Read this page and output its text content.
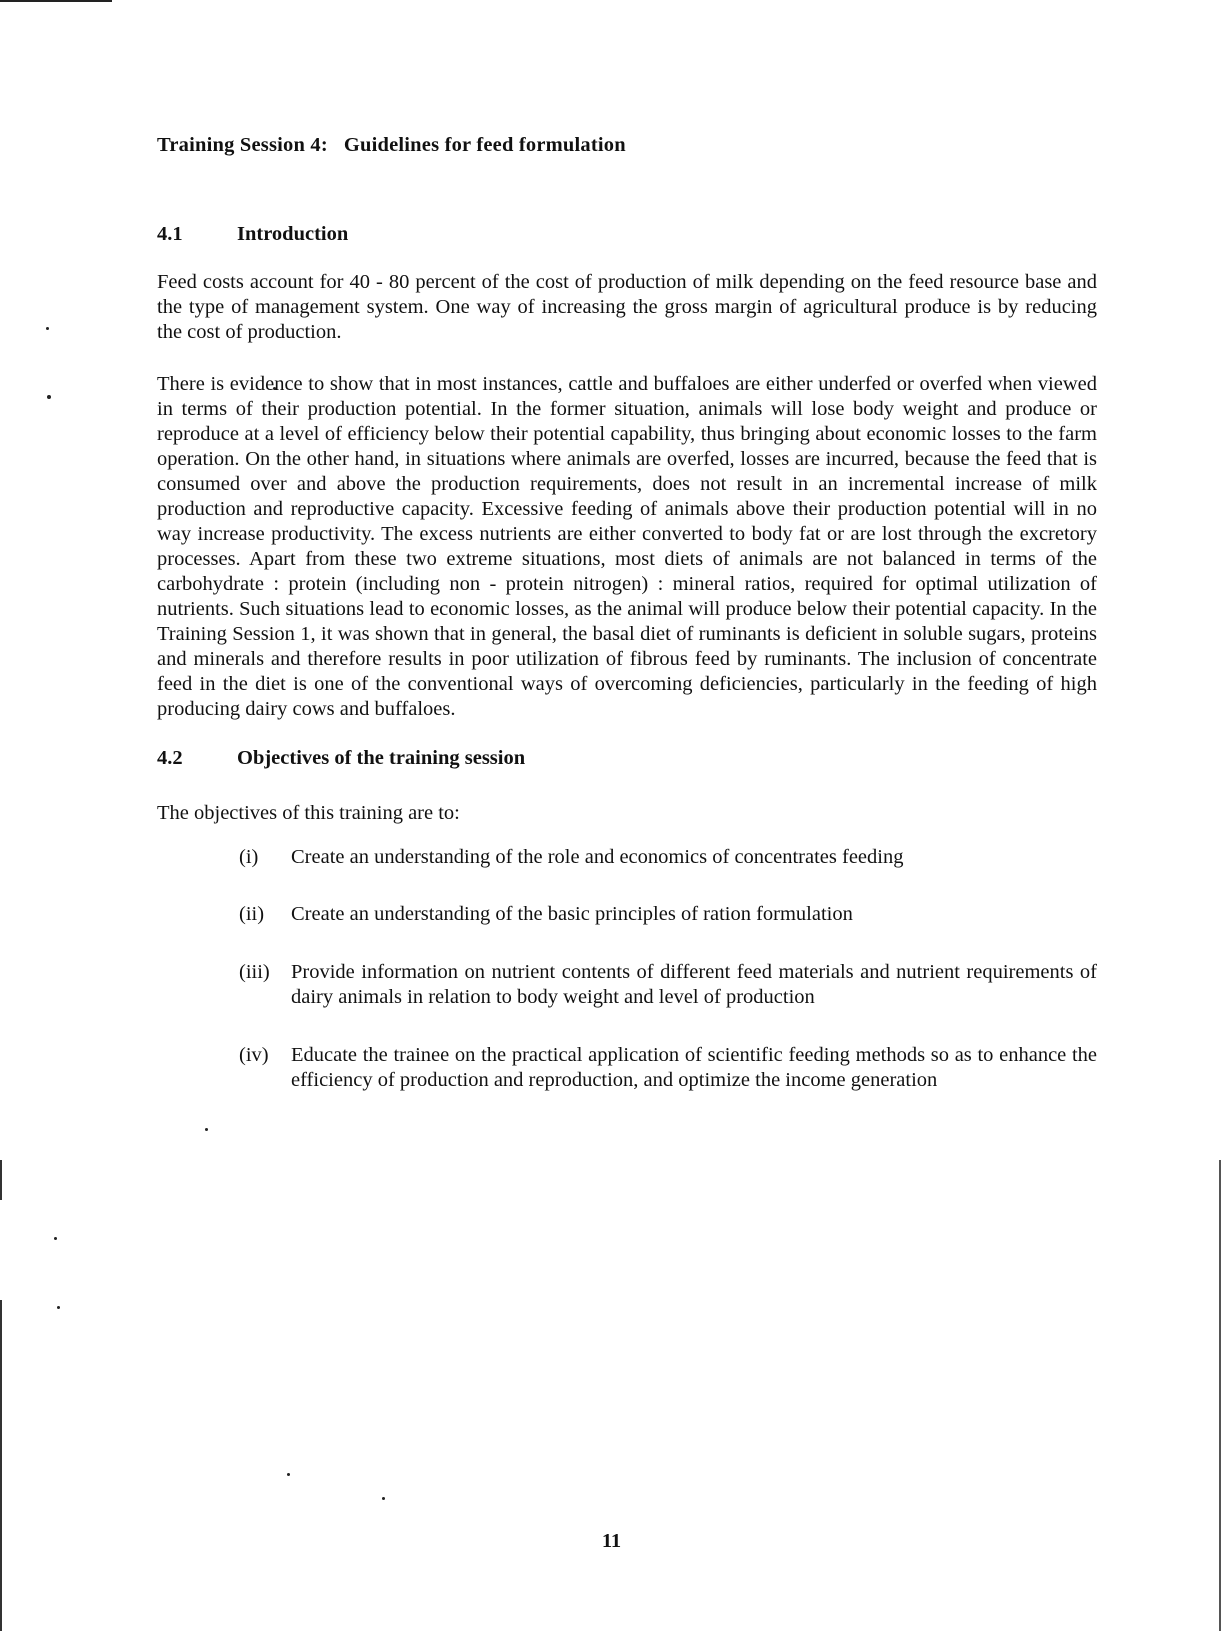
Training Session 4:   Guidelines for feed formulation
4.1	Introduction

Feed costs account for 40 - 80 percent of the cost of production of milk depending on the feed resource base and the type of management system. One way of increasing the gross margin of agricultural produce is by reducing the cost of production.

There is evidence to show that in most instances, cattle and buffaloes are either underfed or overfed when viewed in terms of their production potential. In the former situation, animals will lose body weight and produce or reproduce at a level of efficiency below their potential capability, thus bringing about economic losses to the farm operation. On the other hand, in situations where animals are overfed, losses are incurred, because the feed that is consumed over and above the production requirements, does not result in an incremental increase of milk production and reproductive capacity. Excessive feeding of animals above their production potential will in no way increase productivity. The excess nutrients are either converted to body fat or are lost through the excretory processes. Apart from these two extreme situations, most diets of animals are not balanced in terms of the carbohydrate : protein (including non - protein nitrogen) : mineral ratios, required for optimal utilization of nutrients. Such situations lead to economic losses, as the animal will produce below their potential capacity. In the Training Session 1, it was shown that in general, the basal diet of ruminants is deficient in soluble sugars, proteins and minerals and therefore results in poor utilization of fibrous feed by ruminants. The inclusion of concentrate feed in the diet is one of the conventional ways of overcoming deficiencies, particularly in the feeding of high producing dairy cows and buffaloes.

4.2	Objectives of the training session

The objectives of this training are to:

(i)	Create an understanding of the role and economics of concentrates feeding
(ii)	Create an understanding of the basic principles of ration formulation
(iii)	Provide information on nutrient contents of different feed materials and nutrient requirements of dairy animals in relation to body weight and level of production
(iv)	Educate the trainee on the practical application of scientific feeding methods so as to enhance the efficiency of production and reproduction, and optimize the income generation
11
